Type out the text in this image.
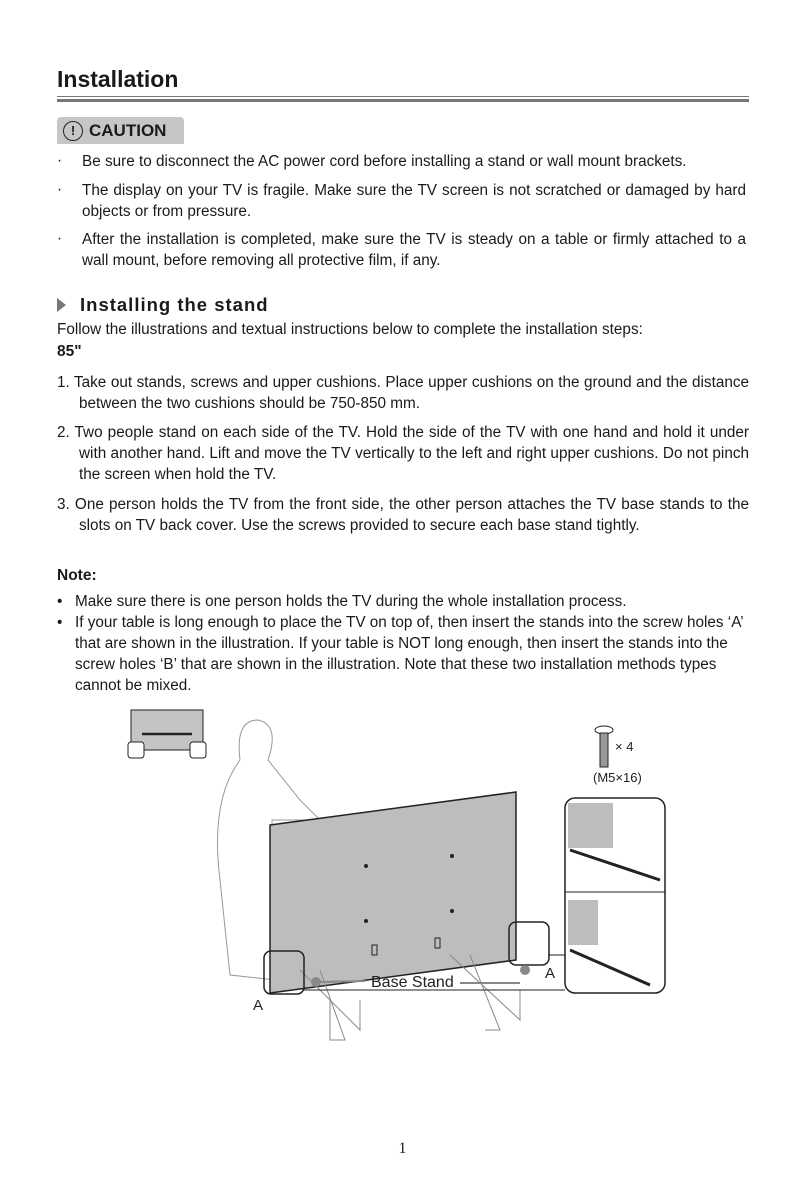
Installation
! CAUTION
·	Be sure to disconnect the AC power cord before installing a stand or wall mount brackets.
·	The display on your TV is fragile. Make sure the TV screen is not scratched or damaged by hard objects or from pressure.
·	After the installation is completed, make sure the TV is steady on a table or firmly attached to a wall mount, before removing all protective film, if any.
Installing the stand
Follow the illustrations and textual instructions below to complete the installation steps:
85"
1. Take out stands, screws and upper cushions. Place upper cushions on the ground and the distance between the two cushions should be 750-850 mm.
2. Two people stand on each side of the TV. Hold the side of the TV with one hand and hold it under with another hand. Lift and move the TV vertically to the left and right upper cushions. Do not pinch the screen when hold the TV.
3. One person holds the TV from the front side, the other person attaches the TV base stands to the slots on TV back cover. Use the screws provided to secure each base stand tightly.
Note:
• Make sure there is one person holds the TV during the whole installation process.
• If your table is long enough to place the TV on top of, then insert the stands into the screw holes ‘A’ that are shown in the illustration. If your table is NOT long enough, then insert the stands into the screw holes ‘B’ that are shown in the illustration. Note that these two installation methods types cannot be mixed.
Base Stand
A
A
× 4
(M5×16)
1
